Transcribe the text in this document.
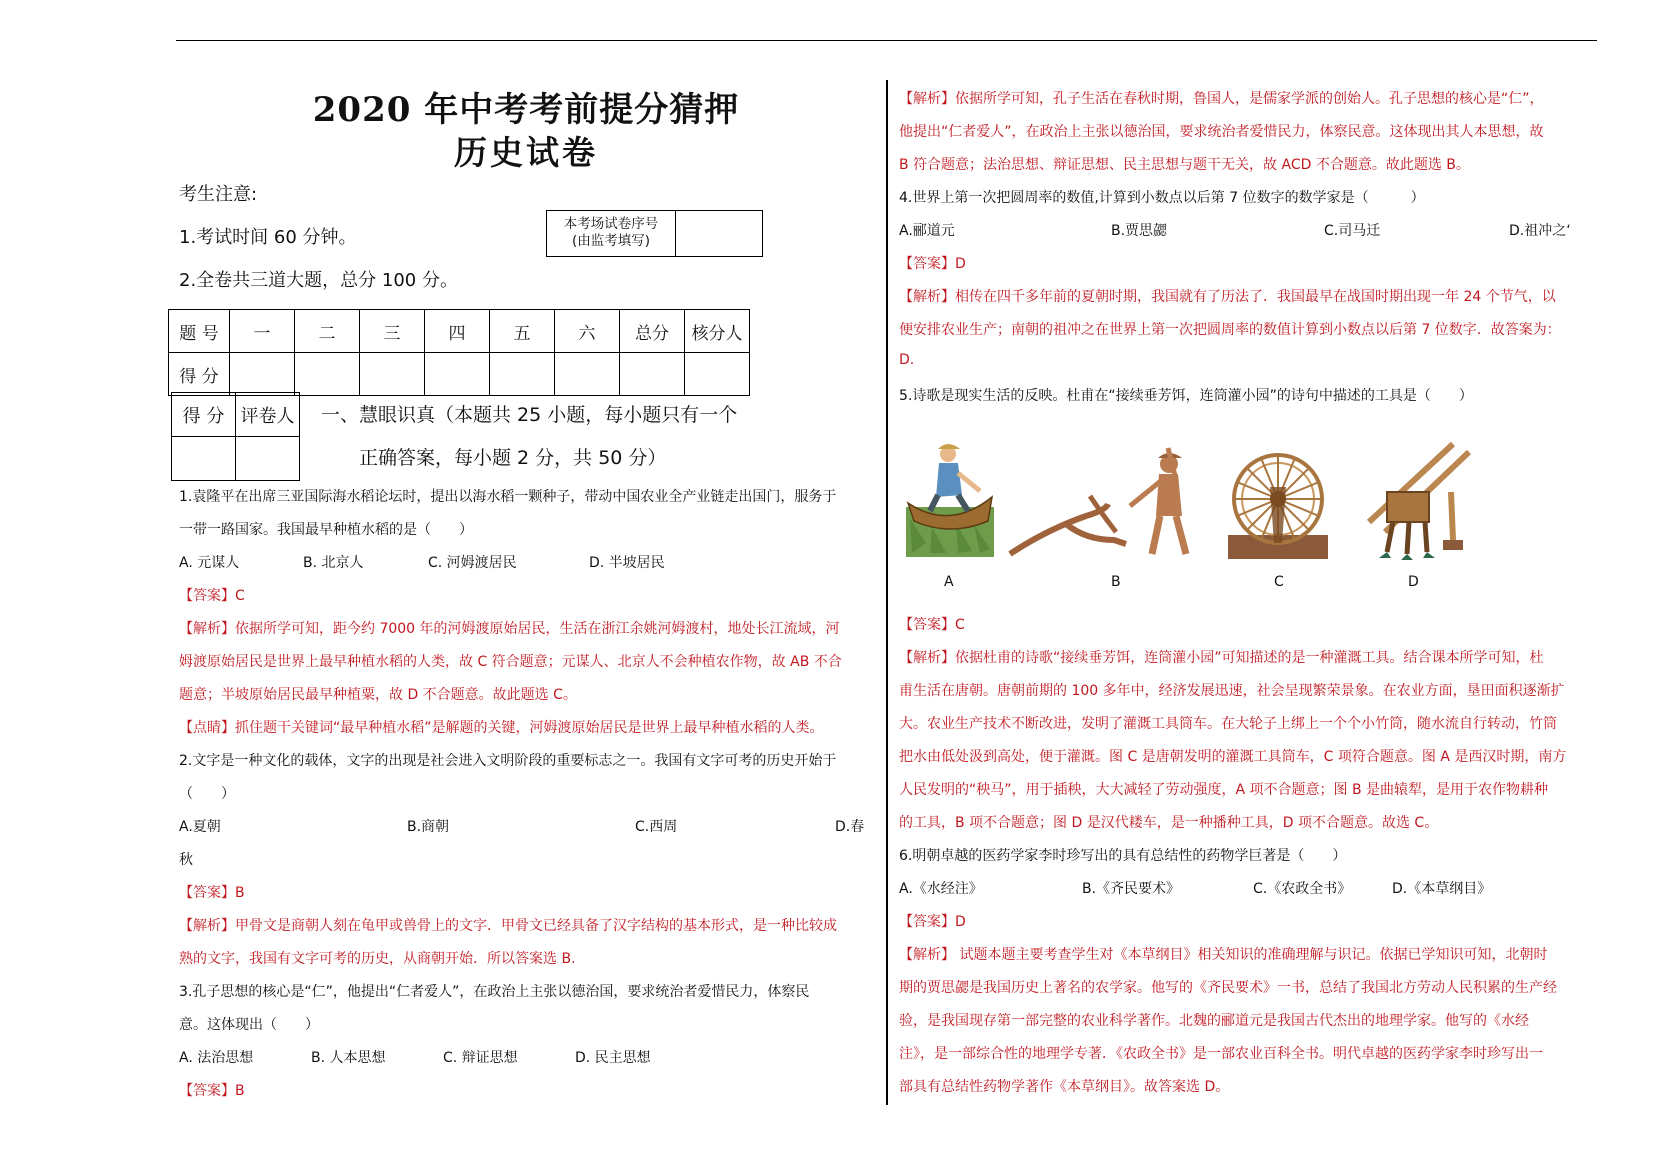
2020 年中考考前提分猜押
历史试卷
考生注意:
1.考试时间 60 分钟。
2.全卷共三道大题，总分 100 分。
本考场试卷序号
(由监考填写)
题 号	一	二	三	四	五	六	总分	核分人
得 分								
得 分	评卷人
	一、慧眼识真（本题共 25 小题，每小题只有一个
正确答案，每小题 2 分，共 50 分）
1.袁隆平在出席三亚国际海水稻论坛时，提出以海水稻一颗种子，带动中国农业全产业链走出国门，服务于
一带一路国家。我国最早种植水稻的是（　　）
A. 元谋人	B. 北京人	C. 河姆渡居民	D. 半坡居民
【答案】C
【解析】依据所学可知，距今约 7000 年的河姆渡原始居民，生活在浙江余姚河姆渡村，地处长江流域，河
姆渡原始居民是世界上最早种植水稻的人类，故 C 符合题意；元谋人、北京人不会种植农作物，故 AB 不合
题意；半坡原始居民最早种植粟，故 D 不合题意。故此题选 C。
【点睛】抓住题干关键词“最早种植水稻”是解题的关键，河姆渡原始居民是世界上最早种植水稻的人类。
2.文字是一种文化的载体，文字的出现是社会进入文明阶段的重要标志之一。我国有文字可考的历史开始于
（　　）
A.夏朝	B.商朝	C.西周	D.春
秋
【答案】B
【解析】甲骨文是商朝人刻在龟甲或兽骨上的文字．甲骨文已经具备了汉字结构的基本形式，是一种比较成
熟的文字，我国有文字可考的历史，从商朝开始．所以答案选 B.
3.孔子思想的核心是“仁”，他提出“仁者爱人”，在政治上主张以德治国，要求统治者爱惜民力，体察民
意。这体现出（　　）
A. 法治思想	B. 人本思想	C. 辩证思想	D. 民主思想
【答案】B
【解析】依据所学可知，孔子生活在春秋时期，鲁国人，是儒家学派的创始人。孔子思想的核心是“仁”，
他提出“仁者爱人”，在政治上主张以德治国，要求统治者爱惜民力，体察民意。这体现出其人本思想，故
B 符合题意；法治思想、辩证思想、民主思想与题干无关，故 ACD 不合题意。故此题选 B。
4.世界上第一次把圆周率的数值,计算到小数点以后第 7 位数字的数学家是（　　　）
A.郦道元	B.贾思勰	C.司马迁	D.祖冲之‘
【答案】D
【解析】相传在四千多年前的夏朝时期，我国就有了历法了．我国最早在战国时期出现一年 24 个节气，以
便安排农业生产；南朝的祖冲之在世界上第一次把圆周率的数值计算到小数点以后第 7 位数字．故答案为：
D.
5.诗歌是现实生活的反映。杜甫在“接续垂芳饵，连筒灌小园”的诗句中描述的工具是（　　）
A	B	C	D
【答案】C
【解析】依据杜甫的诗歌“接续垂芳饵，连筒灌小园”可知描述的是一种灌溉工具。结合课本所学可知，杜
甫生活在唐朝。唐朝前期的 100 多年中，经济发展迅速，社会呈现繁荣景象。在农业方面，垦田面积逐渐扩
大。农业生产技术不断改进，发明了灌溉工具筒车。在大轮子上绑上一个个小竹筒，随水流自行转动，竹筒
把水由低处汲到高处，便于灌溉。图 C 是唐朝发明的灌溉工具筒车，C 项符合题意。图 A 是西汉时期，南方
人民发明的“秧马”，用于插秧，大大减轻了劳动强度，A 项不合题意；图 B 是曲辕犁，是用于农作物耕种
的工具，B 项不合题意；图 D 是汉代耧车，是一种播种工具，D 项不合题意。故选 C。
6.明朝卓越的医药学家李时珍写出的具有总结性的药物学巨著是（　　）
A.《水经注》	B.《齐民要术》	C.《农政全书》	D.《本草纲目》
【答案】D
【解析】 试题本题主要考查学生对《本草纲目》相关知识的准确理解与识记。依据已学知识可知，北朝时
期的贾思勰是我国历史上著名的农学家。他写的《齐民要术》一书，总结了我国北方劳动人民积累的生产经
验，是我国现存第一部完整的农业科学著作。北魏的郦道元是我国古代杰出的地理学家。他写的《水经
注》，是一部综合性的地理学专著．《农政全书》是一部农业百科全书。明代卓越的医药学家李时珍写出一
部具有总结性药物学著作《本草纲目》。故答案选 D。
